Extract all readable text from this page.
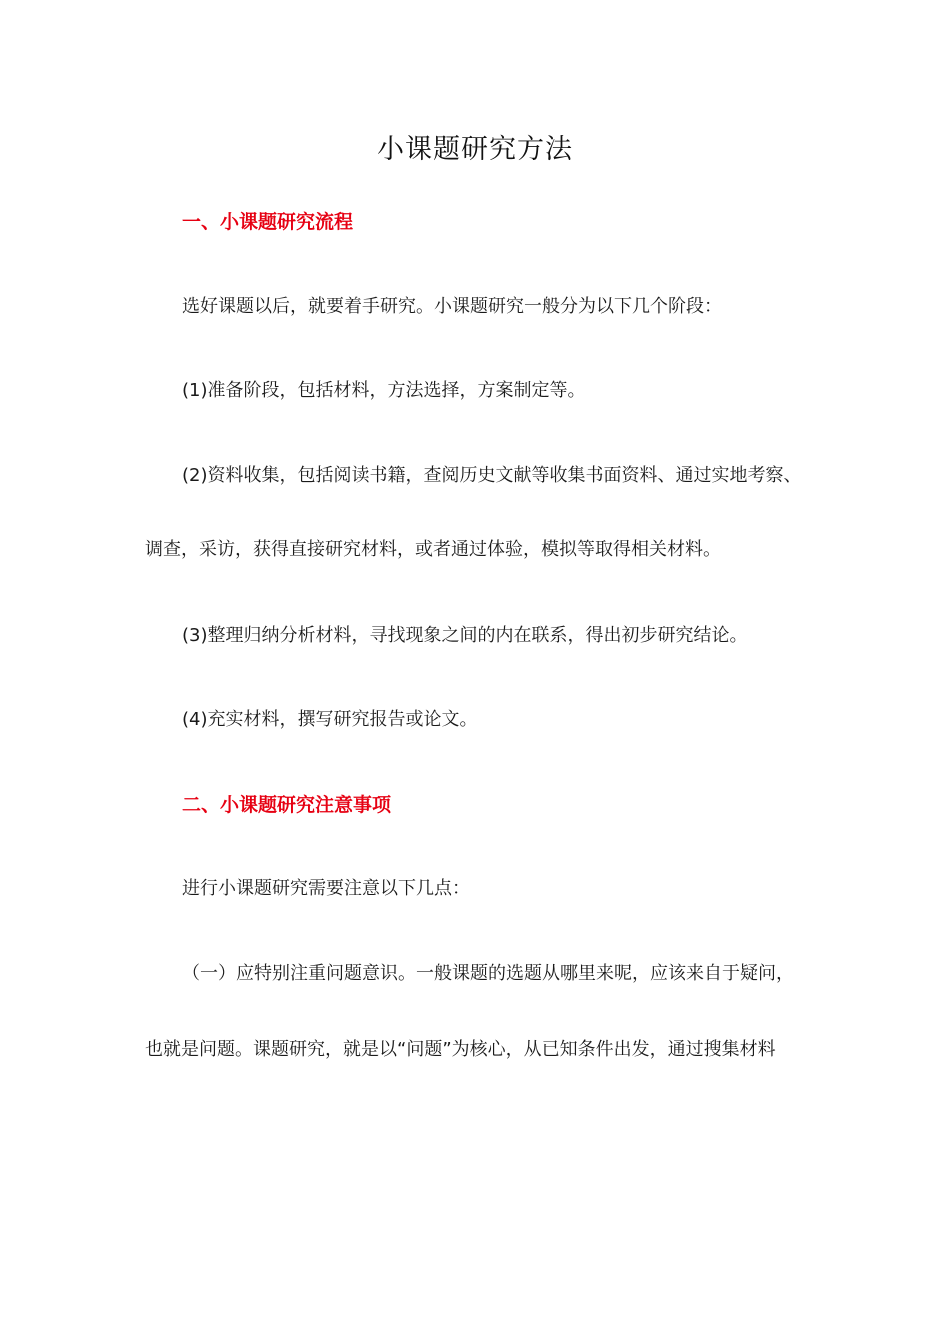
小课题研究方法
一、小课题研究流程
选好课题以后，就要着手研究。小课题研究一般分为以下几个阶段：
(1)准备阶段，包括材料，方法选择，方案制定等。
(2)资料收集，包括阅读书籍，查阅历史文献等收集书面资料、通过实地考察、
调查，采访，获得直接研究材料，或者通过体验，模拟等取得相关材料。
(3)整理归纳分析材料，寻找现象之间的内在联系，得出初步研究结论。
(4)充实材料，撰写研究报告或论文。
二、小课题研究注意事项
进行小课题研究需要注意以下几点：
（一）应特别注重问题意识。一般课题的选题从哪里来呢，应该来自于疑问，
也就是问题。课题研究，就是以“问题”为核心，从已知条件出发，通过搜集材料
